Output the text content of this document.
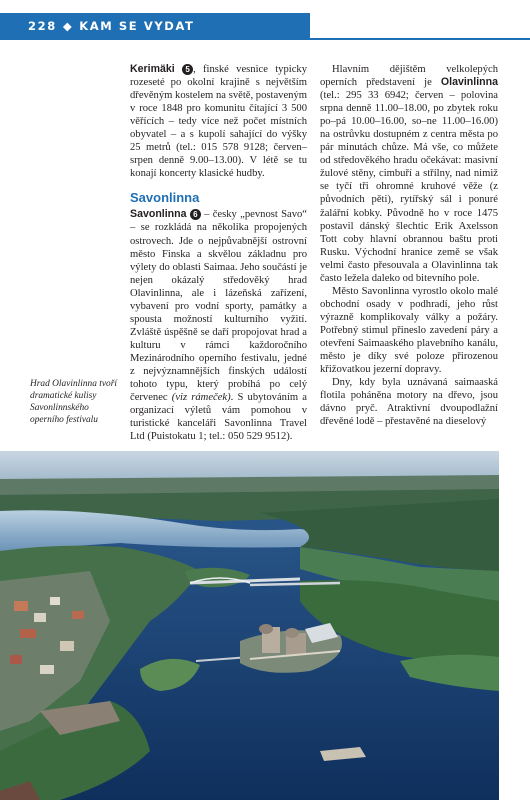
228 ◆ KAM SE VYDAT

Kerimäki 5 , finské vesnice typicky rozeseté po okolní krajině s největším dřevěným kostelem na světě, postaveným v roce 1848 pro komunitu čítající 3 500 věřících – tedy více než počet místních obyvatel – a s kupolí sahající do výšky 25 metrů (tel.: 015 578 9128; červen–srpen denně 9.00–13.00). V létě se tu konají koncerty klasické hudby.

Savonlinna

Savonlinna 6 – česky „pevnost Savo“ – se rozkládá na několika propojených ostrovech. Jde o nejpůvabnější ostrovní město Finska a skvělou základnu pro výlety do oblasti Saimaa. Jeho součástí je nejen okázalý středověký hrad Olavinlinna, ale i lázeňská zařízení, vybavení pro vodní sporty, památky a spousta možností kulturního vyžití. Zvláště úspěšně se daří propojovat hrad a kulturu v rámci každoročního Mezinárodního operního festivalu, jedné z nejvýznamnějších finských událostí tohoto typu, který probíhá po celý červenec (viz rámeček). S ubytováním a organizací výletů vám pomohou v turistické kanceláři Savonlinna Travel Ltd (Puistokatu 1; tel.: 050 529 9512).

Hlavním dějištěm velkolepých operních představení je Olavinlinna (tel.: 295 33 6942; červen – polovina srpna denně 11.00–18.00, po zbytek roku po–pá 10.00–16.00, so–ne 11.00–16.00) na ostrůvku dostupném z centra města po pár minutách chůze. Má vše, co můžete od středověkého hradu očekávat: masivní žulové stěny, cimbuří a střílny, nad nimiž se tyčí tři ohromné kruhové věže (z původních pěti), rytířský sál i ponuré žalářní kobky. Původně ho v roce 1475 postavil dánský šlechtic Erik Axelsson Tott coby hlavní obrannou baštu proti Rusku. Východní hranice země se však velmi často přesouvala a Olavinlinna tak často ležela daleko od bitevního pole.

Město Savonlinna vyrostlo okolo malé obchodní osady v podhradí, jeho růst výrazně komplikovaly války a požáry. Potřebný stimul přineslo zavedení páry a otevření Saimaaského plavebního kanálu, město je díky své poloze přirozenou křižovatkou jezerní dopravy.

Dny, kdy byla uznávaná saimaaská flotila poháněna motory na dřevo, jsou dávno pryč. Atraktivní dvoupodlažní dřevěné lodě – přestavěné na dieselový

Hrad Olavinlinna tvoří dramatické kulisy Savonlinnského operního festivalu
